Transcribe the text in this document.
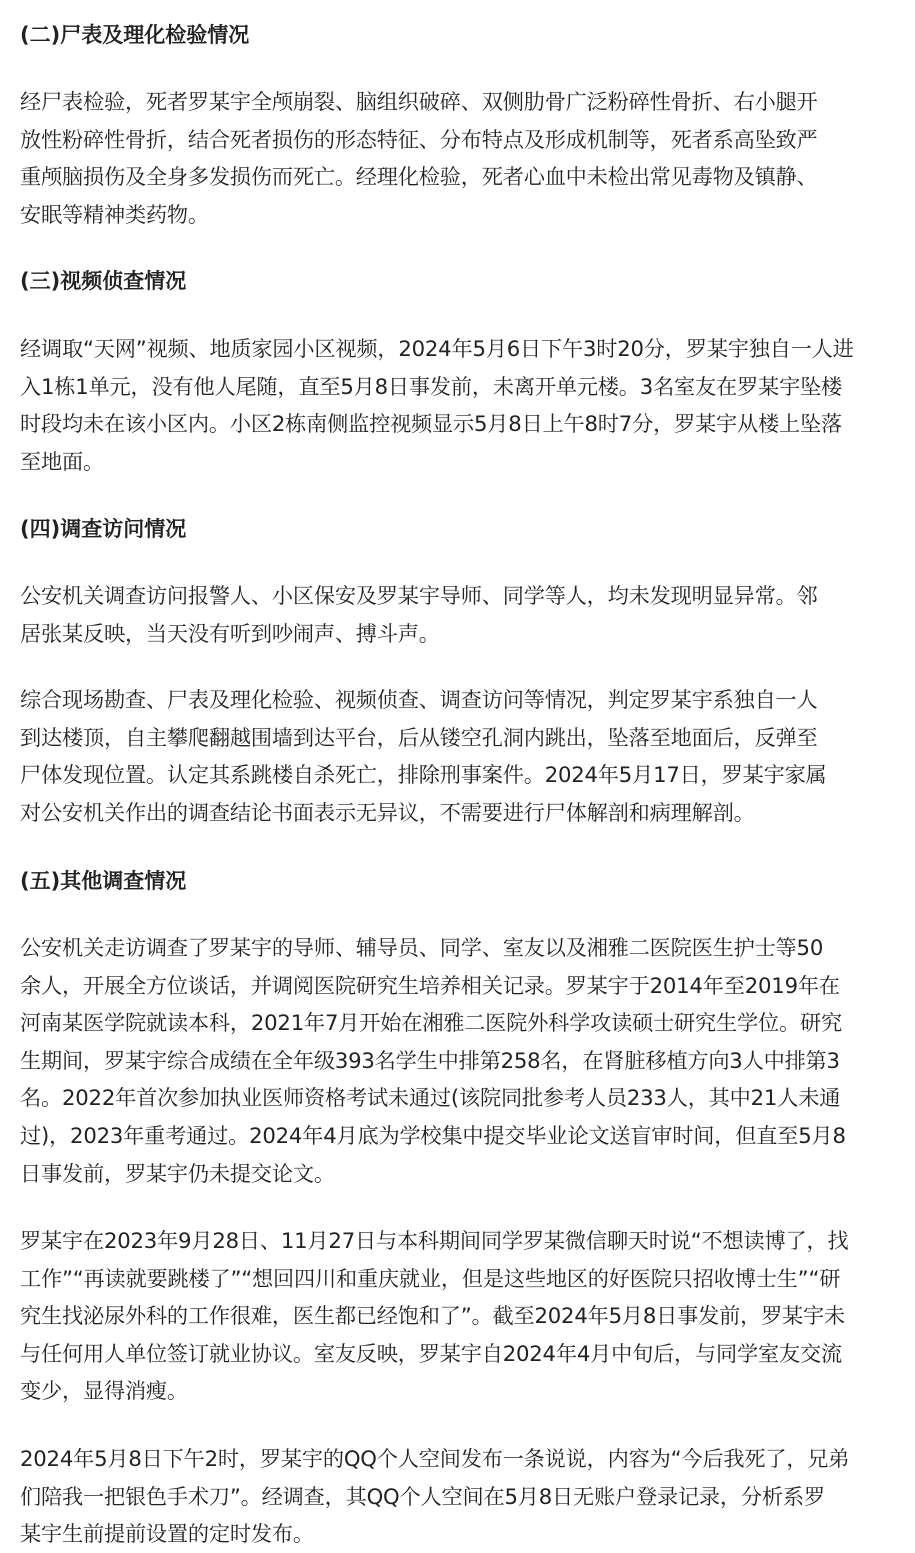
(二)尸表及理化检验情况
经尸表检验，死者罗某宇全颅崩裂、脑组织破碎、双侧肋骨广泛粉碎性骨折、右小腿开
放性粉碎性骨折，结合死者损伤的形态特征、分布特点及形成机制等，死者系高坠致严
重颅脑损伤及全身多发损伤而死亡。经理化检验，死者心血中未检出常见毒物及镇静、
安眠等精神类药物。
(三)视频侦查情况
经调取“天网”视频、地质家园小区视频，2024年5月6日下午3时20分，罗某宇独自一人进
入1栋1单元，没有他人尾随，直至5月8日事发前，未离开单元楼。3名室友在罗某宇坠楼
时段均未在该小区内。小区2栋南侧监控视频显示5月8日上午8时7分，罗某宇从楼上坠落
至地面。
(四)调查访问情况
公安机关调查访问报警人、小区保安及罗某宇导师、同学等人，均未发现明显异常。邻
居张某反映，当天没有听到吵闹声、搏斗声。
综合现场勘查、尸表及理化检验、视频侦查、调查访问等情况，判定罗某宇系独自一人
到达楼顶，自主攀爬翻越围墙到达平台，后从镂空孔洞内跳出，坠落至地面后，反弹至
尸体发现位置。认定其系跳楼自杀死亡，排除刑事案件。2024年5月17日，罗某宇家属
对公安机关作出的调查结论书面表示无异议，不需要进行尸体解剖和病理解剖。
(五)其他调查情况
公安机关走访调查了罗某宇的导师、辅导员、同学、室友以及湘雅二医院医生护士等50
余人，开展全方位谈话，并调阅医院研究生培养相关记录。罗某宇于2014年至2019年在
河南某医学院就读本科，2021年7月开始在湘雅二医院外科学攻读硕士研究生学位。研究
生期间，罗某宇综合成绩在全年级393名学生中排第258名，在肾脏移植方向3人中排第3
名。2022年首次参加执业医师资格考试未通过(该院同批参考人员233人，其中21人未通
过)，2023年重考通过。2024年4月底为学校集中提交毕业论文送盲审时间，但直至5月8
日事发前，罗某宇仍未提交论文。
罗某宇在2023年9月28日、11月27日与本科期间同学罗某微信聊天时说“不想读博了，找
工作”“再读就要跳楼了”“想回四川和重庆就业，但是这些地区的好医院只招收博士生”“研
究生找泌尿外科的工作很难，医生都已经饱和了”。截至2024年5月8日事发前，罗某宇未
与任何用人单位签订就业协议。室友反映，罗某宇自2024年4月中旬后，与同学室友交流
变少，显得消瘦。
2024年5月8日下午2时，罗某宇的QQ个人空间发布一条说说，内容为“今后我死了，兄弟
们陪我一把银色手术刀”。经调查，其QQ个人空间在5月8日无账户登录记录，分析系罗
某宇生前提前设置的定时发布。
